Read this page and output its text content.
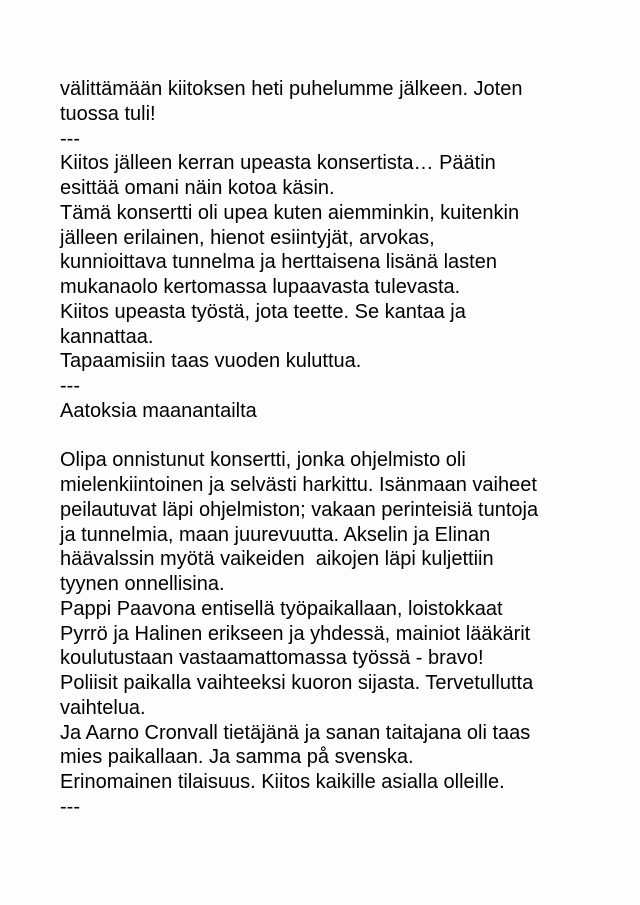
välittämään kiitoksen heti puhelumme jälkeen. Joten
tuossa tuli!
---
Kiitos jälleen kerran upeasta konsertista… Päätin
esittää omani näin kotoa käsin.
Tämä konsertti oli upea kuten aiemminkin, kuitenkin
jälleen erilainen, hienot esiintyjät, arvokas,
kunnioittava tunnelma ja herttaisena lisänä lasten
mukanaolo kertomassa lupaavasta tulevasta.
Kiitos upeasta työstä, jota teette. Se kantaa ja
kannattaa.
Tapaamisiin taas vuoden kuluttua.
---
Aatoksia maanantailta
Olipa onnistunut konsertti, jonka ohjelmisto oli
mielenkiintoinen ja selvästi harkittu. Isänmaan vaiheet
peilautuvat läpi ohjelmiston; vakaan perinteisiä tuntoja
ja tunnelmia, maan juurevuutta. Akselin ja Elinan
häävalssin myötä vaikeiden  aikojen läpi kuljettiin
tyynen onnellisina.
Pappi Paavona entisellä työpaikallaan, loistokkaat
Pyrrö ja Halinen erikseen ja yhdessä, mainiot lääkärit
koulutustaan vastaamattomassa työssä - bravo!
Poliisit paikalla vaihteeksi kuoron sijasta. Tervetullutta
vaihtelua.
Ja Aarno Cronvall tietäjänä ja sanan taitajana oli taas
mies paikallaan. Ja samma på svenska.
Erinomainen tilaisuus. Kiitos kaikille asialla olleille.
---
